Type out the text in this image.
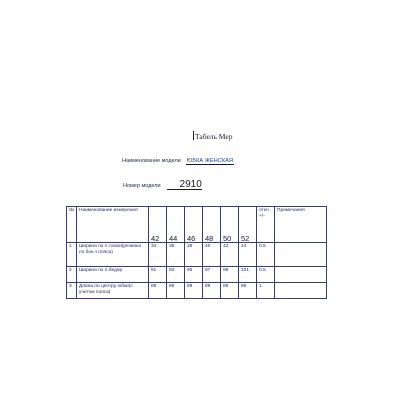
Табель Мер
Наименование модели ЮБКА ЖЕНСКАЯ
Номер модели 2910
№	Наименование измерения	42	44	46	48	50	52	откл. +/-	Примечания
1	Ширина по л.талии(резинка по бок.ч пояса)	34	36	38	40	42	44	0.5	
2	Ширина по л.бедер	91	93	95	97	99	101	0.5	
3	Длина по центру юбки(с учетом пояса)	89	89	89	89	89	89	1	
